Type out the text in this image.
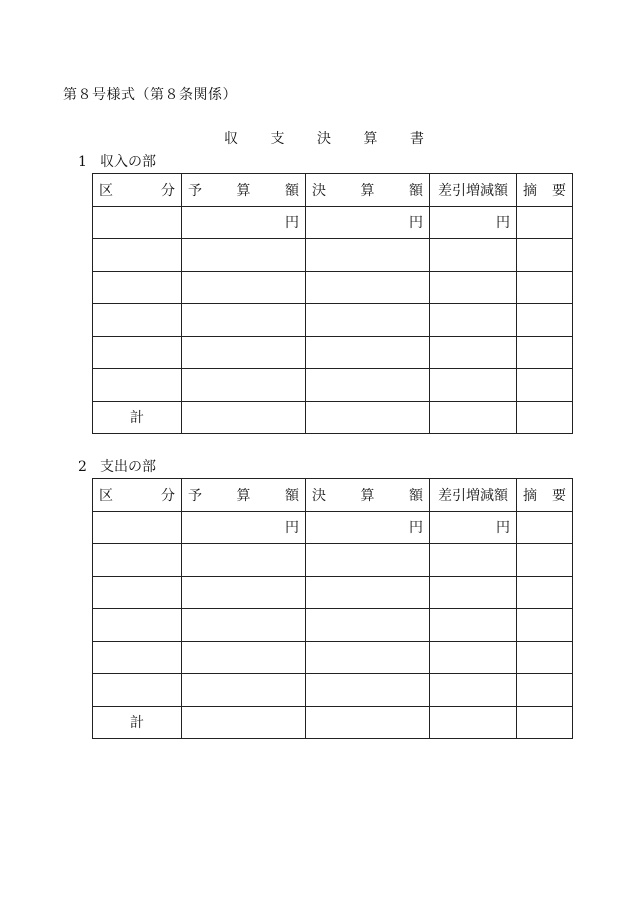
第８号様式（第８条関係）
収 支 決 算 書
1 収入の部
区 分	予 算 額	決 算 額	差引増減額	摘 要

	円	円	円	

計				
2 支出の部
区 分	予 算 額	決 算 額	差引増減額	摘 要

	円	円	円	

計				
